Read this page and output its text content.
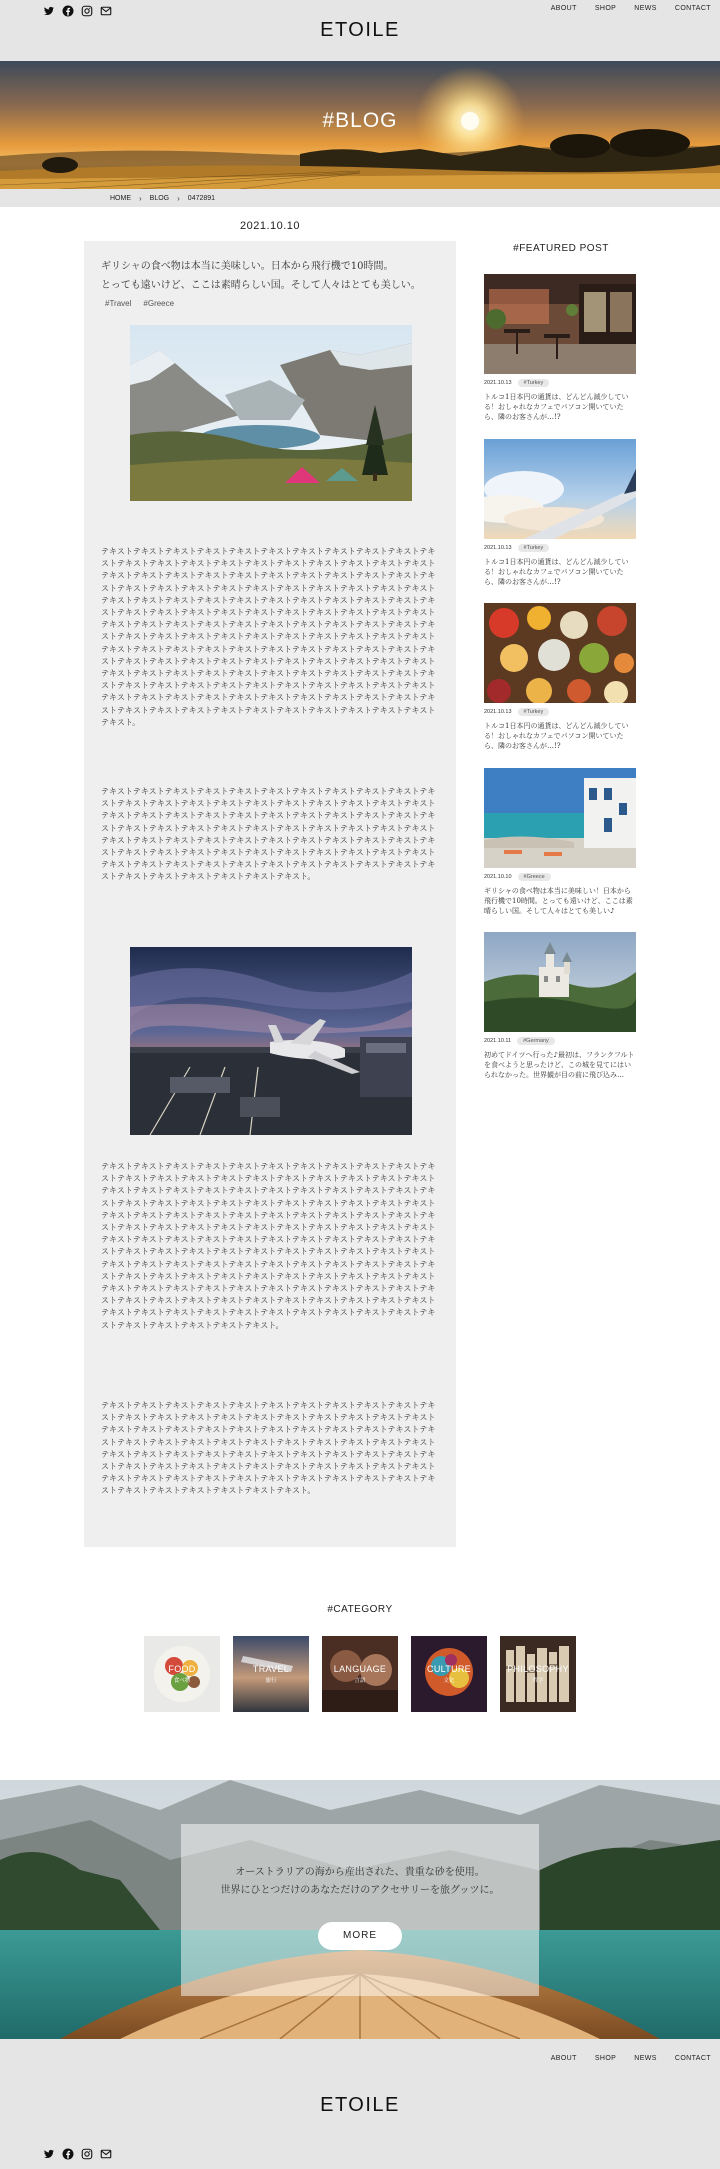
ABOUT	SHOP	NEWS	CONTACT
ETOILE
#BLOG
HOME › BLOG › 0472891
2021.10.10
ギリシャの食べ物は本当に美味しい。日本から飛行機で10時間。
とっても遠いけど、ここは素晴らしい国。そして人々はとても美しい。
#Travel #Greece

テキストテキストテキストテキストテキストテキストテキストテキストテキストテキストテキストテキストテキストテキストテキストテキストテキストテキストテキストテキストテキストテキストテキストテキストテキストテキストテキストテキストテキストテキストテキストテキストテキストテキストテキストテキストテキストテキストテキストテキストテキストテキストテキストテキストテキストテキストテキストテキストテキストテキストテキストテキストテキストテキストテキストテキストテキストテキストテキストテキストテキストテキストテキストテキストテキストテキストテキストテキストテキストテキストテキストテキストテキストテキストテキストテキストテキストテキストテキストテキストテキストテキストテキストテキストテキストテキストテキストテキストテキストテキストテキストテキストテキストテキストテキストテキストテキストテキストテキストテキストテキストテキストテキストテキストテキストテキストテキストテキストテキストテキストテキストテキストテキストテキストテキストテキストテキストテキストテキストテキストテキストテキストテキストテキストテキストテキストテキストテキストテキストテキストテキストテキストテキストテキストテキストテキストテキストテキストテキストテキストテキストテキストテキストテキストテキストテキストテキストテキスト。

テキストテキストテキストテキストテキストテキストテキストテキストテキストテキストテキストテキストテキストテキストテキストテキストテキストテキストテキストテキストテキストテキストテキストテキストテキストテキストテキストテキストテキストテキストテキストテキストテキストテキストテキストテキストテキストテキストテキストテキストテキストテキストテキストテキストテキストテキストテキストテキストテキストテキストテキストテキストテキストテキストテキストテキストテキストテキストテキストテキストテキストテキストテキストテキストテキストテキストテキストテキストテキストテキストテキストテキストテキストテキストテキストテキストテキストテキストテキストテキスト。

テキストテキストテキストテキストテキストテキストテキストテキストテキストテキストテキストテキストテキストテキストテキストテキストテキストテキストテキストテキストテキストテキストテキストテキストテキストテキストテキストテキストテキストテキストテキストテキストテキストテキストテキストテキストテキストテキストテキストテキストテキストテキストテキストテキストテキストテキストテキストテキストテキストテキストテキストテキストテキストテキストテキストテキストテキストテキストテキストテキストテキストテキストテキストテキストテキストテキストテキストテキストテキストテキストテキストテキストテキストテキストテキストテキストテキストテキストテキストテキストテキストテキストテキストテキストテキストテキストテキストテキストテキストテキストテキストテキストテキストテキストテキストテキストテキストテキストテキストテキストテキストテキストテキストテキストテキストテキストテキストテキストテキストテキストテキストテキストテキストテキストテキストテキストテキストテキストテキストテキストテキストテキストテキストテキストテキストテキストテキストテキストテキストテキストテキストテキストテキストテキストテキストテキストテキストテキストテキストテキストテキストテキスト。

テキストテキストテキストテキストテキストテキストテキストテキストテキストテキストテキストテキストテキストテキストテキストテキストテキストテキストテキストテキストテキストテキストテキストテキストテキストテキストテキストテキストテキストテキストテキストテキストテキストテキストテキストテキストテキストテキストテキストテキストテキストテキストテキストテキストテキストテキストテキストテキストテキストテキストテキストテキストテキストテキストテキストテキストテキストテキストテキストテキストテキストテキストテキストテキストテキストテキストテキストテキストテキストテキストテキストテキストテキストテキストテキストテキストテキストテキストテキストテキスト。

#FEATURED POST
2021.10.13	#Turkey
トルコ1日本円の通貨は、どんどん減少している！おしゃれなカフェでパソコン開いていたら、隣のお客さんが…!?
2021.10.13	#Turkey
トルコ1日本円の通貨は、どんどん減少している！おしゃれなカフェでパソコン開いていたら、隣のお客さんが…!?
2021.10.13	#Turkey
トルコ1日本円の通貨は、どんどん減少している！おしゃれなカフェでパソコン開いていたら、隣のお客さんが…!?
2021.10.10	#Greece
ギリシャの食べ物は本当に美味しい！日本から飛行機で10時間。とっても遠いけど、ここは素晴らしい国。そして人々はとても美しい♪
2021.10.11	#Germany
初めてドイツへ行った♪最初は、フランクフルトを食べようと思ったけど、この城を見てにはいられなかった。世界観が目の前に飛び込み…
#CATEGORY
FOOD
食べ物
TRAVEL
旅行
LANGUAGE
言語
CULTURE
文化
PHILOSOPHY
哲学
オーストラリアの海から産出された、貴重な砂を使用。
世界にひとつだけのあなただけのアクセサリーを旅グッツに。
MORE
ABOUT	SHOP	NEWS	CONTACT
ETOILE
